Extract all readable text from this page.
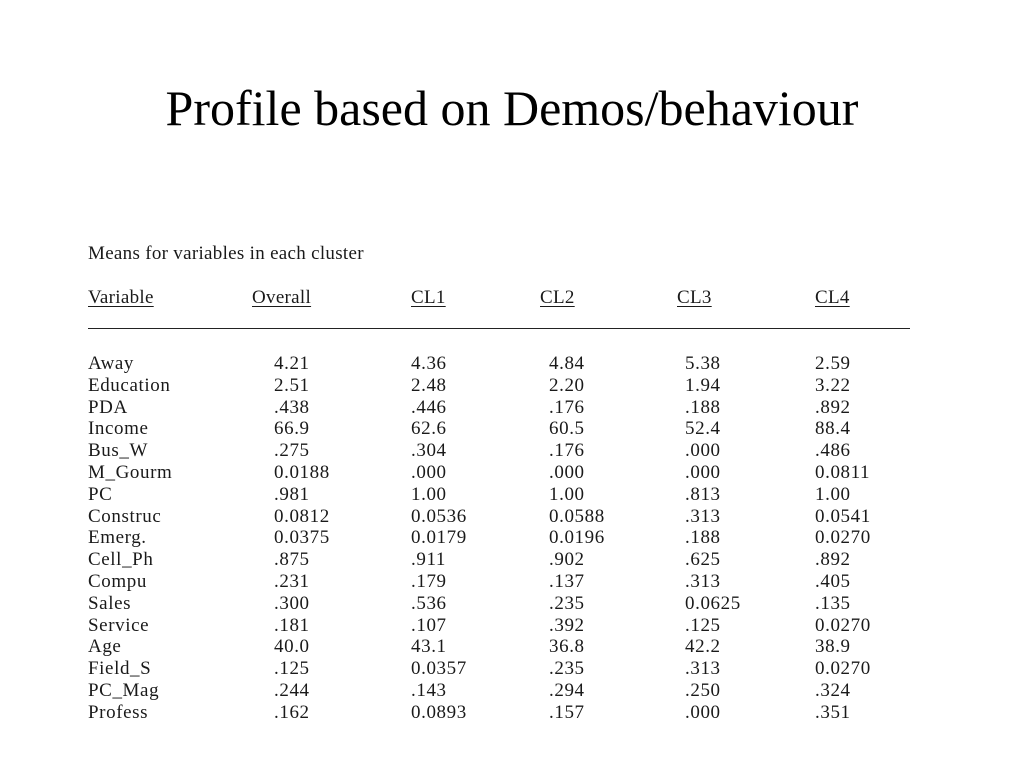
Profile based on Demos/behaviour
Means for variables in each cluster
Variable	Overall	CL1	CL2	CL3	CL4
Away	4.21	4.36	4.84	5.38	2.59
Education	2.51	2.48	2.20	1.94	3.22
PDA	.438	.446	.176	.188	.892
Income	66.9	62.6	60.5	52.4	88.4
Bus_W	.275	.304	.176	.000	.486
M_Gourm	0.0188	.000	.000	.000	0.0811
PC	.981	1.00	1.00	.813	1.00
Construc	0.0812	0.0536	0.0588	.313	0.0541
Emerg.	0.0375	0.0179	0.0196	.188	0.0270
Cell_Ph	.875	.911	.902	.625	.892
Compu	.231	.179	.137	.313	.405
Sales	.300	.536	.235	0.0625	.135
Service	.181	.107	.392	.125	0.0270
Age	40.0	43.1	36.8	42.2	38.9
Field_S	.125	0.0357	.235	.313	0.0270
PC_Mag	.244	.143	.294	.250	.324
Profess	.162	0.0893	.157	.000	.351
